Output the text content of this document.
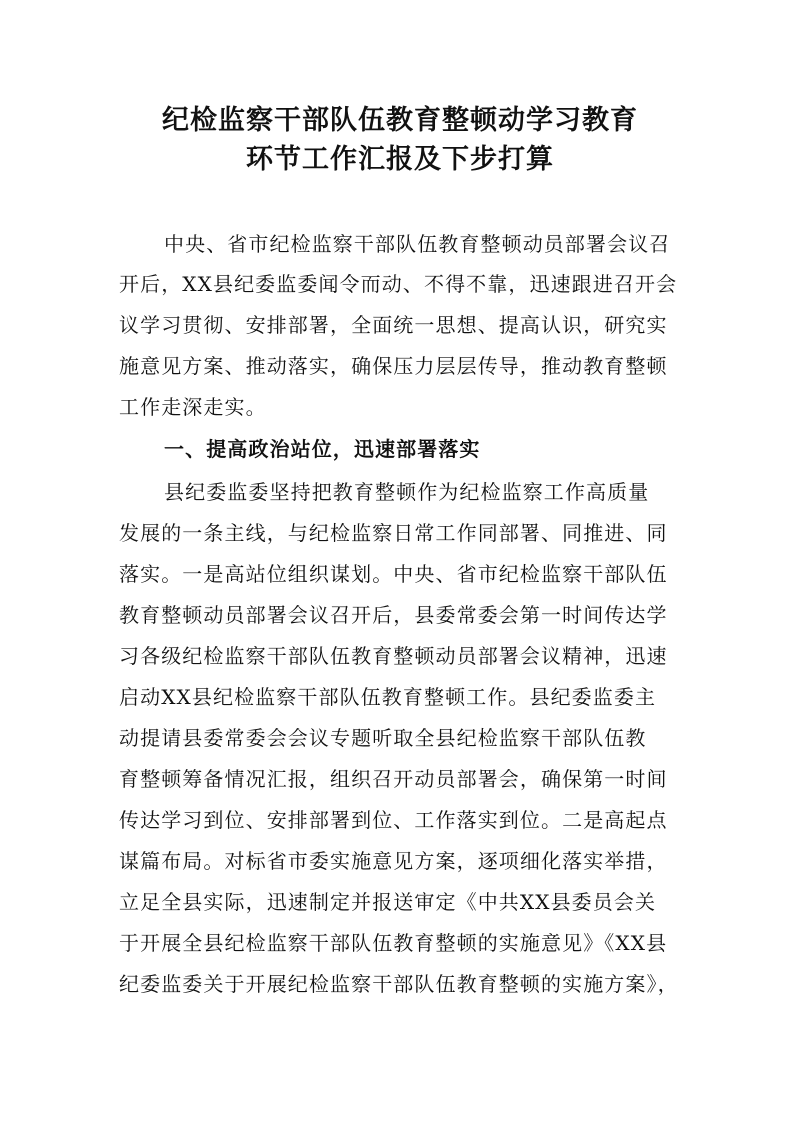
纪检监察干部队伍教育整顿动学习教育
环节工作汇报及下步打算
中央、省市纪检监察干部队伍教育整顿动员部署会议召
开后，XX县纪委监委闻令而动、不得不靠，迅速跟进召开会
议学习贯彻、安排部署，全面统一思想、提高认识，研究实
施意见方案、推动落实，确保压力层层传导，推动教育整顿
工作走深走实。
一、提高政治站位，迅速部署落实
县纪委监委坚持把教育整顿作为纪检监察工作高质量
发展的一条主线，与纪检监察日常工作同部署、同推进、同
落实。一是高站位组织谋划。中央、省市纪检监察干部队伍
教育整顿动员部署会议召开后，县委常委会第一时间传达学
习各级纪检监察干部队伍教育整顿动员部署会议精神，迅速
启动XX县纪检监察干部队伍教育整顿工作。县纪委监委主
动提请县委常委会会议专题听取全县纪检监察干部队伍教
育整顿筹备情况汇报，组织召开动员部署会，确保第一时间
传达学习到位、安排部署到位、工作落实到位。二是高起点
谋篇布局。对标省市委实施意见方案，逐项细化落实举措，
立足全县实际，迅速制定并报送审定《中共XX县委员会关
于开展全县纪检监察干部队伍教育整顿的实施意见》《XX县
纪委监委关于开展纪检监察干部队伍教育整顿的实施方案》，
